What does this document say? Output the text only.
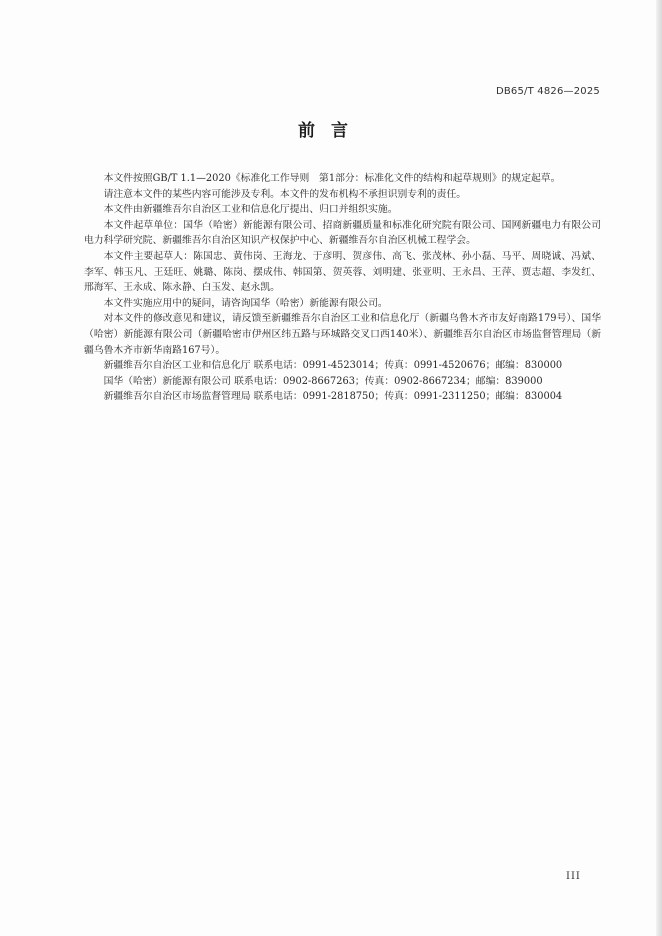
DB65/T 4826—2025
前言

本文件按照GB/T 1.1—2020《标准化工作导则　第1部分：标准化文件的结构和起草规则》的规定起草。

请注意本文件的某些内容可能涉及专利。本文件的发布机构不承担识别专利的责任。

本文件由新疆维吾尔自治区工业和信息化厅提出、归口并组织实施。

本文件起草单位：国华（哈密）新能源有限公司、招商新疆质量和标准化研究院有限公司、国网新疆电力有限公司电力科学研究院、新疆维吾尔自治区知识产权保护中心、新疆维吾尔自治区机械工程学会。

本文件主要起草人：陈国忠、黄伟岗、王海龙、于彦明、贺彦伟、高飞、张茂林、孙小磊、马平、周晓诚、冯斌、李军、韩玉凡、王廷旺、姚璐、陈岗、摆成伟、韩国第、贺英蓉、刘明建、张亚明、王永昌、王萍、贾志超、李发红、邢海军、王永成、陈永静、白玉发、赵永凯。

本文件实施应用中的疑问，请咨询国华（哈密）新能源有限公司。

对本文件的修改意见和建议，请反馈至新疆维吾尔自治区工业和信息化厅（新疆乌鲁木齐市友好南路179号）、国华（哈密）新能源有限公司（新疆哈密市伊州区纬五路与环城路交叉口西140米）、新疆维吾尔自治区市场监督管理局（新疆乌鲁木齐市新华南路167号）。

新疆维吾尔自治区工业和信息化厅 联系电话：0991-4523014；传真：0991-4520676；邮编：830000

国华（哈密）新能源有限公司 联系电话：0902-8667263；传真：0902-8667234；邮编：839000

新疆维吾尔自治区市场监督管理局 联系电话：0991-2818750；传真：0991-2311250；邮编：830004

III
